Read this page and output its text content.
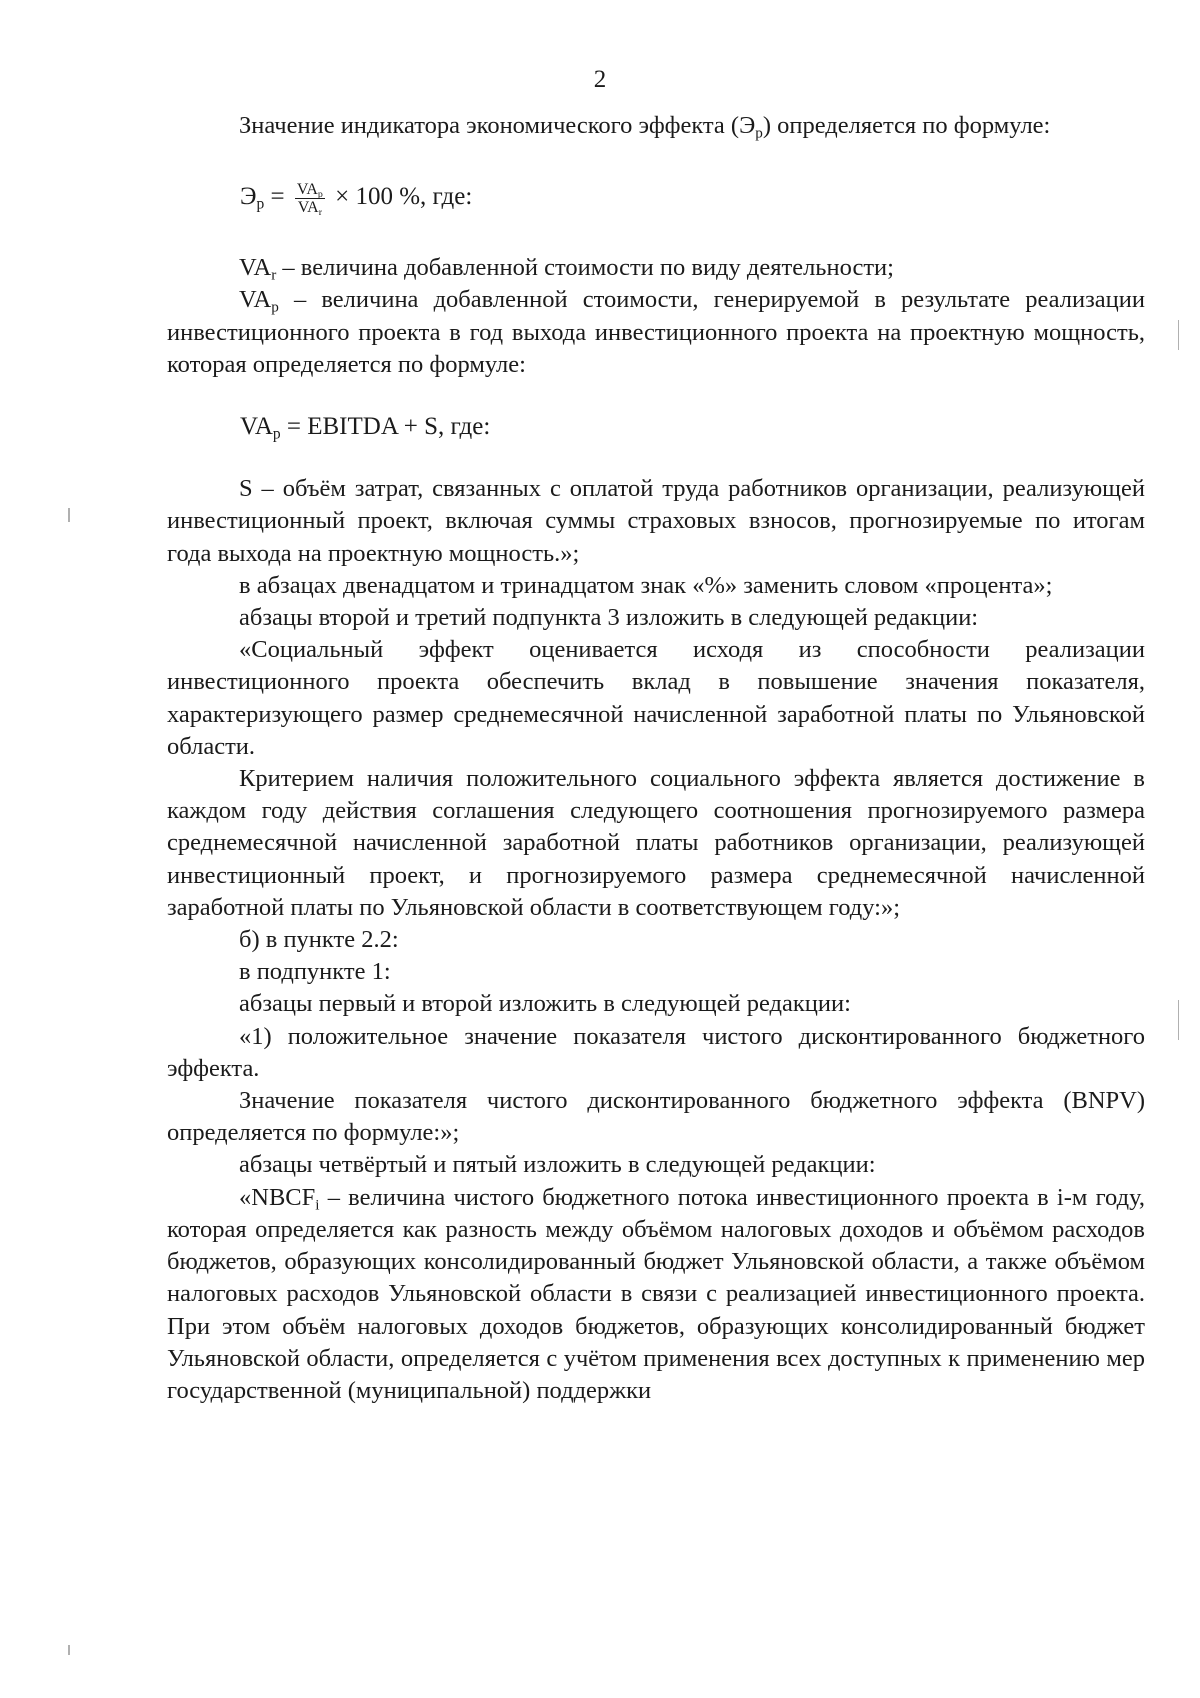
2

Значение индикатора экономического эффекта $(Э_р)$ определяется по формуле:

$Э_р = \frac{VA_р}{VA_r} \times 100$ %, где:

$VA_r$ – величина добавленной стоимости по виду деятельности;

$VA_р$ – величина добавленной стоимости, генерируемой в результате реализации инвестиционного проекта в год выхода инвестиционного проекта на проектную мощность, которая определяется по формуле:

$VA_р$ = EBITDA + S, где:

S – объём затрат, связанных с оплатой труда работников организации, реализующей инвестиционный проект, включая суммы страховых взносов, прогнозируемые по итогам года выхода на проектную мощность.»;

в абзацах двенадцатом и тринадцатом знак «%» заменить словом «процента»;

абзацы второй и третий подпункта 3 изложить в следующей редакции:

«Социальный эффект оценивается исходя из способности реализации инвестиционного проекта обеспечить вклад в повышение значения показателя, характеризующего размер среднемесячной начисленной заработной платы по Ульяновской области.

Критерием наличия положительного социального эффекта является достижение в каждом году действия соглашения следующего соотношения прогнозируемого размера среднемесячной начисленной заработной платы работников организации, реализующей инвестиционный проект, и прогнозируемого размера среднемесячной начисленной заработной платы по Ульяновской области в соответствующем году:»;

б) в пункте 2.2:

в подпункте 1:

абзацы первый и второй изложить в следующей редакции:

«1) положительное значение показателя чистого дисконтированного бюджетного эффекта.

Значение показателя чистого дисконтированного бюджетного эффекта (BNPV) определяется по формуле:»;

абзацы четвёртый и пятый изложить в следующей редакции:

«$NBCF_i$ – величина чистого бюджетного потока инвестиционного проекта в i-м году, которая определяется как разность между объёмом налоговых доходов и объёмом расходов бюджетов, образующих консолидированный бюджет Ульяновской области, а также объёмом налоговых расходов Ульяновской области в связи с реализацией инвестиционного проекта. При этом объём налоговых доходов бюджетов, образующих консолидированный бюджет Ульяновской области, определяется с учётом применения всех доступных к применению мер государственной (муниципальной) поддержки
